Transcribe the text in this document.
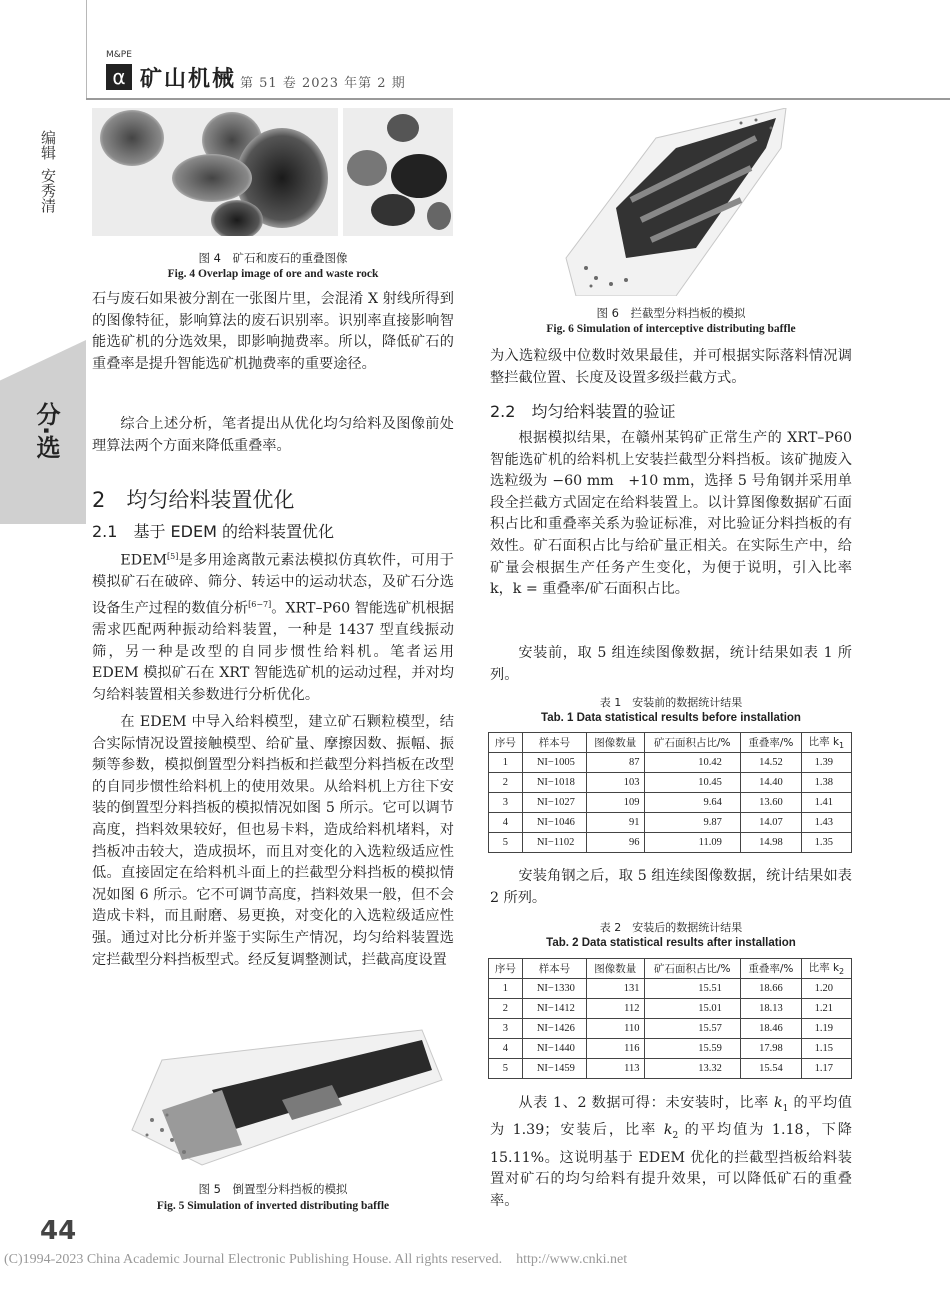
M&PE
α 矿山机械 第 51 卷 2023 年第 2 期
编辑
安秀清
分·选
44
图 4　矿石和废石的重叠图像
Fig. 4 Overlap image of ore and waste rock
石与废石如果被分割在一张图片里，会混淆 X 射线所得到的图像特征，影响算法的废石识别率。识别率直接影响智能选矿机的分选效果，即影响抛费率。所以，降低矿石的重叠率是提升智能选矿机抛费率的重要途径。
综合上述分析，笔者提出从优化均匀给料及图像前处理算法两个方面来降低重叠率。
2　均匀给料装置优化
2.1　基于 EDEM 的给料装置优化
EDEM[5]是多用途离散元素法模拟仿真软件，可用于模拟矿石在破碎、筛分、转运中的运动状态，及矿石分选设备生产过程的数值分析[6−7]。XRT–P60 智能选矿机根据需求匹配两种振动给料装置，一种是 1437 型直线振动筛，另一种是改型的自同步惯性给料机。笔者运用 EDEM 模拟矿石在 XRT 智能选矿机的运动过程，并对均匀给料装置相关参数进行分析优化。
在 EDEM 中导入给料模型，建立矿石颗粒模型，结合实际情况设置接触模型、给矿量、摩擦因数、振幅、振频等参数，模拟倒置型分料挡板和拦截型分料挡板在改型的自同步惯性给料机上的使用效果。从给料机上方往下安装的倒置型分料挡板的模拟情况如图 5 所示。它可以调节高度，挡料效果较好，但也易卡料，造成给料机堵料，对挡板冲击较大，造成损坏，而且对变化的入选粒级适应性低。直接固定在给料机斗面上的拦截型分料挡板的模拟情况如图 6 所示。它不可调节高度，挡料效果一般，但不会造成卡料，而且耐磨、易更换，对变化的入选粒级适应性强。通过对比分析并鉴于实际生产情况，均匀给料装置选定拦截型分料挡板型式。经反复调整测试，拦截高度设置
图 5　倒置型分料挡板的模拟
Fig. 5 Simulation of inverted distributing baffle
图 6　拦截型分料挡板的模拟
Fig. 6 Simulation of interceptive distributing baffle
为入选粒级中位数时效果最佳，并可根据实际落料情况调整拦截位置、长度及设置多级拦截方式。
2.2　均匀给料装置的验证
根据模拟结果，在赣州某钨矿正常生产的 XRT–P60 智能选矿机的给料机上安装拦截型分料挡板。该矿抛废入选粒级为 −60 mm　+10 mm，选择 5 号角钢并采用单段全拦截方式固定在给料装置上。以计算图像数据矿石面积占比和重叠率关系为验证标准，对比验证分料挡板的有效性。矿石面积占比与给矿量正相关。在实际生产中，给矿量会根据生产任务产生变化，为便于说明，引入比率 k，k = 重叠率/矿石面积占比。
安装前，取 5 组连续图像数据，统计结果如表 1 所列。
表 1　安装前的数据统计结果
Tab. 1 Data statistical results before installation
序号	样本号	图像数量	矿石面积占比/%	重叠率/%	比率 $k_1$
1	NI−1005	87	10.42	14.52	1.39
2	NI−1018	103	10.45	14.40	1.38
3	NI−1027	109	9.64	13.60	1.41
4	NI−1046	91	9.87	14.07	1.43
5	NI−1102	96	11.09	14.98	1.35
安装角钢之后，取 5 组连续图像数据，统计结果如表 2 所列。
表 2　安装后的数据统计结果
Tab. 2 Data statistical results after installation
序号	样本号	图像数量	矿石面积占比/%	重叠率/%	比率 $k_2$
1	NI−1330	131	15.51	18.66	1.20
2	NI−1412	112	15.01	18.13	1.21
3	NI−1426	110	15.57	18.46	1.19
4	NI−1440	116	15.59	17.98	1.15
5	NI−1459	113	13.32	15.54	1.17
从表 1、2 数据可得：未安装时，比率 $k_1$ 的平均值为 1.39；安装后，比率 $k_2$ 的平均值为 1.18，下降 15.11%。这说明基于 EDEM 优化的拦截型挡板给料装置对矿石的均匀给料有提升效果，可以降低矿石的重叠率。
(C)1994-2023 China Academic Journal Electronic Publishing House. All rights reserved.    http://www.cnki.net
